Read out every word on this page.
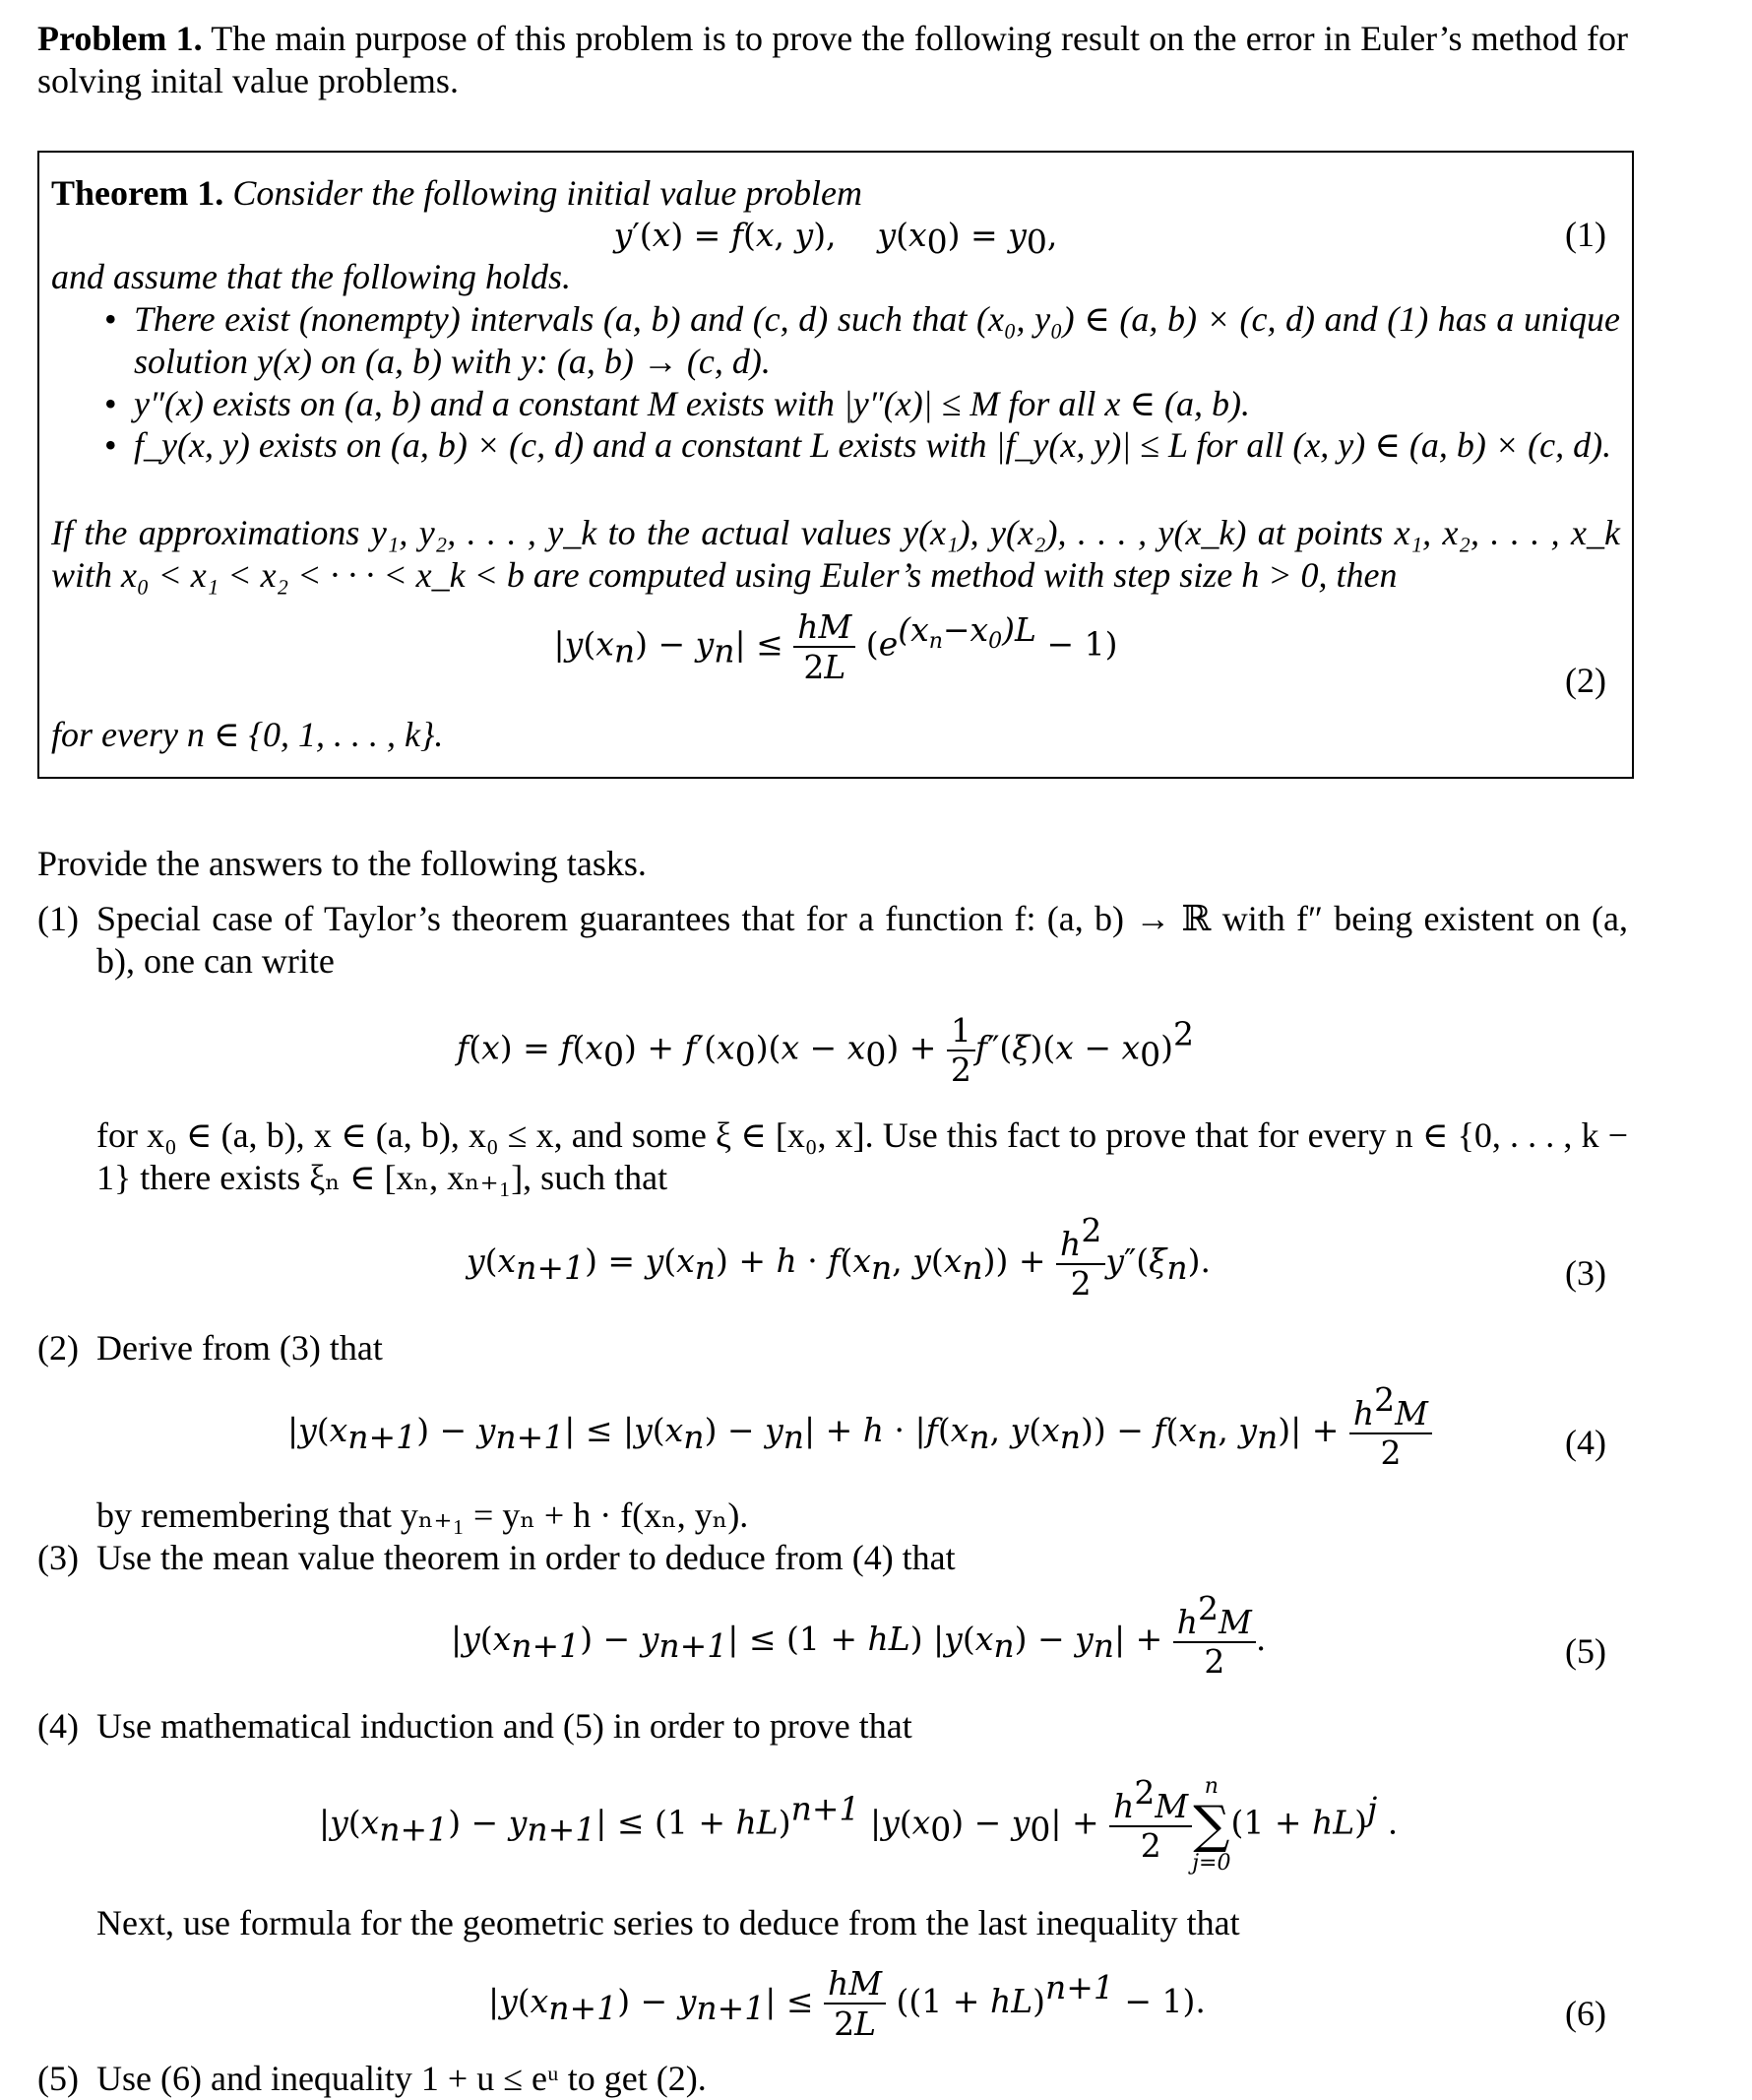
Problem 1. The main purpose of this problem is to prove the following result on the error in Euler’s method for solving inital value problems.
Theorem 1. Consider the following initial value problem
y′(x) = f(x, y),    $y(x_0) = y_0$,	(1)
and assume that the following holds.
• There exist (nonempty) intervals (a, b) and (c, d) such that (x₀, y₀) ∈ (a, b) × (c, d) and (1) has a unique solution y(x) on (a, b) with y: (a, b) → (c, d).
• y″(x) exists on (a, b) and a constant M exists with |y″(x)| ≤ M for all x ∈ (a, b).
• f_y(x, y) exists on (a, b) × (c, d) and a constant L exists with |f_y(x, y)| ≤ L for all (x, y) ∈ (a, b) × (c, d).
If the approximations y₁, y₂, . . . , y_k to the actual values y(x₁), y(x₂), . . . , y(x_k) at points x₁, x₂, . . . , x_k with x₀ < x₁ < x₂ < · · · < x_k < b are computed using Euler’s method with step size h > 0, then
$|y(x_n) - y_n| \le \frac{hM}{2L} (e^{(x_n-x_0)L} - 1)$
(2)
for every n ∈ {0, 1, . . . , k}.
Provide the answers to the following tasks.
(1) Special case of Taylor’s theorem guarantees that for a function f: (a, b) → ℝ with f″ being existent on (a, b), one can write
$f(x) = f(x_0) + f'(x_0)(x - x_0) + \frac{1}{2} f''(\xi)(x - x_0)^2$
for x₀ ∈ (a, b), x ∈ (a, b), x₀ ≤ x, and some ξ ∈ [x₀, x]. Use this fact to prove that for every n ∈ {0, . . . , k − 1} there exists ξₙ ∈ [xₙ, xₙ₊₁], such that
$y(x_{n+1}) = y(x_n) + h \cdot f(x_n$, $y(x_n)) + \frac{h^2}{2} y''(\xi_n)$.	(3)
(2) Derive from (3) that
$|y(x_{n+1}) - y_{n+1}| \le |y(x_n) - y_n| + h \cdot |f(x_n$, $y(x_n)) - f(x_n$, $y_n)| + \frac{h^2M}{2}$	(4)
by remembering that yₙ₊₁ = yₙ + h · f(xₙ, yₙ).
(3) Use the mean value theorem in order to deduce from (4) that
$|y(x_{n+1}) - y_{n+1}| \le (1 + hL) |y(x_n) - y_n| + \frac{h^2M}{2}$ .	(5)
(4) Use mathematical induction and (5) in order to prove that
$|y(x_{n+1}) - y_{n+1}| \le (1 + hL)^{n+1}$ $|y(x_0) - y_0| + \frac{h^2M}{2}$ n
∑
j=0
(1 + hL)$^j$ .
Next, use formula for the geometric series to deduce from the last inequality that
$|y(x_{n+1}) - y_{n+1}| \le \frac{hM}{2L} ((1 + hL)^{n+1} - 1)$.	(6)
(5) Use (6) and inequality 1 + u ≤ eᵘ to get (2).
